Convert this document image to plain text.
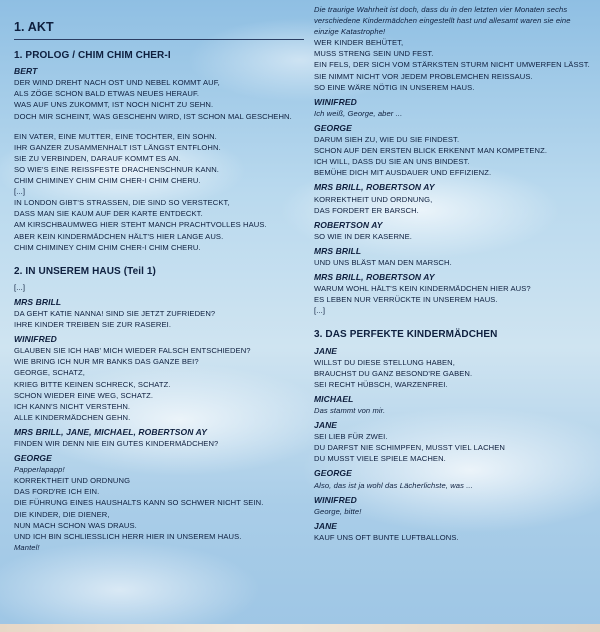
1. AKT
1. PROLOG / CHIM CHIM CHER-I
BERT
DER WIND DREHT NACH OST UND NEBEL KOMMT AUF,
ALS ZÖGE SCHON BALD ETWAS NEUES HERAUF.
WAS AUF UNS ZUKOMMT, IST NOCH NICHT ZU SEHN.
DOCH MIR SCHEINT, WAS GESCHEHN WIRD, IST SCHON MAL GESCHEHN.
EIN VATER, EINE MUTTER, EINE TOCHTER, EIN SOHN.
IHR GANZER ZUSAMMENHALT IST LÄNGST ENTFLOHN.
SIE ZU VERBINDEN, DARAUF KOMMT ES AN.
SO WIE'S EINE REISSFESTE DRACHENSCHNUR KANN.
CHIM CHIMINEY CHIM CHIM CHER-I CHIM CHERU.
[...]
IN LONDON GIBT'S STRASSEN, DIE SIND SO VERSTECKT,
DASS MAN SIE KAUM AUF DER KARTE ENTDECKT.
AM KIRSCHBAUMWEG HIER STEHT MANCH PRACHTVOLLES HAUS.
ABER KEIN KINDERMÄDCHEN HÄLT'S HIER LANGE AUS.
CHIM CHIMINEY CHIM CHIM CHER-I CHIM CHERU.
2. IN UNSEREM HAUS (Teil 1)
[...]
MRS BRILL
DA GEHT KATIE NANNA! SIND SIE JETZT ZUFRIEDEN?
IHRE KINDER TREIBEN SIE ZUR RASEREI.
WINIFRED
GLAUBEN SIE ICH HAB' MICH WIEDER FALSCH ENTSCHIEDEN?
WIE BRING ICH NUR MR BANKS DAS GANZE BEI?
GEORGE, SCHATZ,
KRIEG BITTE KEINEN SCHRECK, SCHATZ.
SCHON WIEDER EINE WEG, SCHATZ.
ICH KANN'S NICHT VERSTEHN.
ALLE KINDERMÄDCHEN GEHN.
MRS BRILL, JANE, MICHAEL, ROBERTSON AY
FINDEN WIR DENN NIE EIN GUTES KINDERMÄDCHEN?
GEORGE
Papperlapapp!
KORREKTHEIT UND ORDNUNG
DAS FORD'RE ICH EIN.
DIE FÜHRUNG EINES HAUSHALTS KANN SO SCHWER NICHT SEIN.
DIE KINDER, DIE DIENER,
NUN MACH SCHON WAS DRAUS.
UND ICH BIN SCHLIESSLICH HERR HIER IN UNSEREM HAUS.
Mantel!
Die traurige Wahrheit ist doch, dass du in den letzten vier Monaten sechs
verschiedene Kindermädchen eingestellt hast und allesamt waren sie eine
einzige Katastrophe!
WER KINDER BEHÜTET,
MUSS STRENG SEIN UND FEST.
EIN FELS, DER SICH VOM STÄRKSTEN STURM NICHT UMWERFEN LÄSST.
SIE NIMMT NICHT VOR JEDEM PROBLEMCHEN REISSAUS.
SO EINE WÄRE NÖTIG IN UNSEREM HAUS.
WINIFRED
Ich weiß, George, aber ...
GEORGE
DARUM SIEH ZU, WIE DU SIE FINDEST.
SCHON AUF DEN ERSTEN BLICK ERKENNT MAN KOMPETENZ.
ICH WILL, DASS DU SIE AN UNS BINDEST.
BEMÜHE DICH MIT AUSDAUER UND EFFIZIENZ.
MRS BRILL, ROBERTSON AY
KORREKTHEIT UND ORDNUNG,
DAS FORDERT ER BARSCH.
ROBERTSON AY
SO WIE IN DER KASERNE.
MRS BRILL
UND UNS BLÄST MAN DEN MARSCH.
MRS BRILL, ROBERTSON AY
WARUM WOHL HÄLT'S KEIN KINDERMÄDCHEN HIER AUS?
ES LEBEN NUR VERRÜCKTE IN UNSEREM HAUS.
[...]
3. DAS PERFEKTE KINDERMÄDCHEN
JANE
WILLST DU DIESE STELLUNG HABEN,
BRAUCHST DU GANZ BESOND'RE GABEN.
SEI RECHT HÜBSCH, WARZENFREI.
MICHAEL
Das stammt von mir.
JANE
SEI LIEB FÜR ZWEI.
DU DARFST NIE SCHIMPFEN, MUSST VIEL LACHEN
DU MUSST VIELE SPIELE MACHEN.
GEORGE
Also, das ist ja wohl das Lächerlichste, was ...
WINIFRED
George, bitte!
JANE
KAUF UNS OFT BUNTE LUFTBALLONS.
